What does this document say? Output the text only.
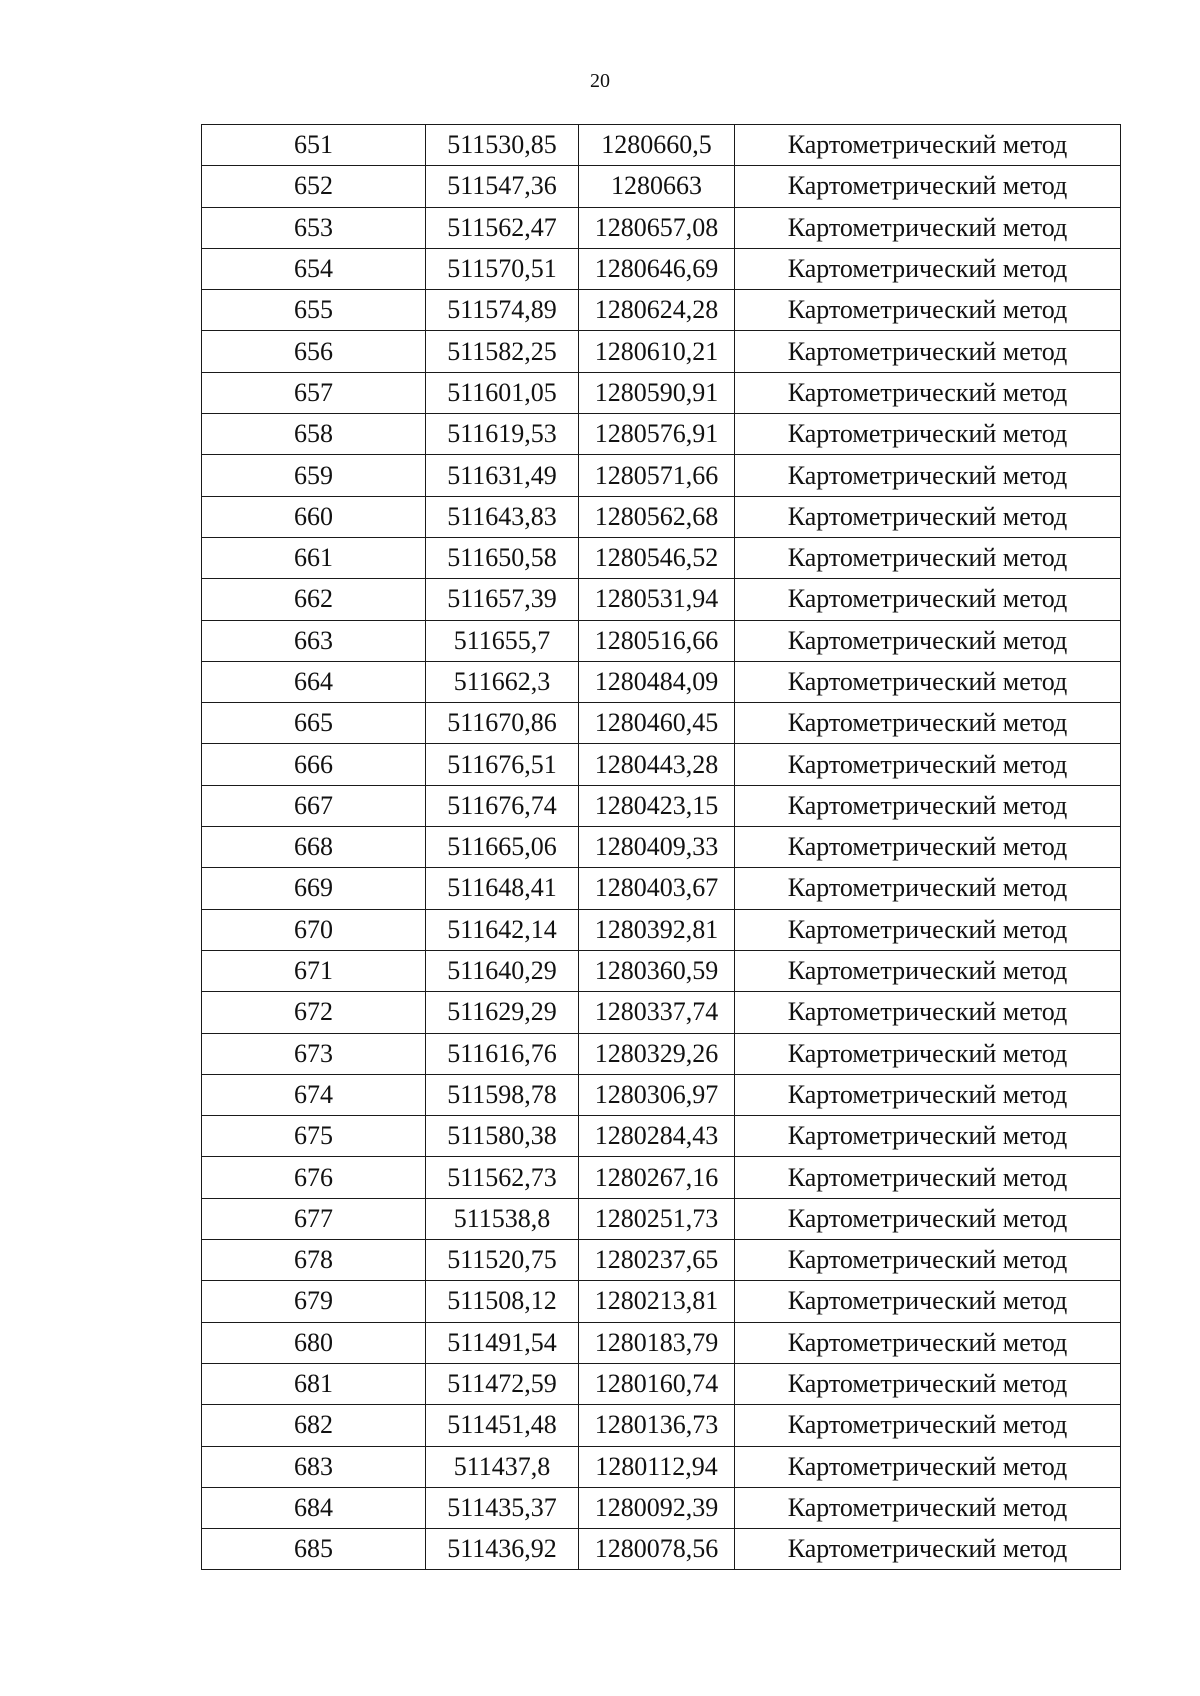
20
651	511530,85	1280660,5	Картометрический метод
652	511547,36	1280663	Картометрический метод
653	511562,47	1280657,08	Картометрический метод
654	511570,51	1280646,69	Картометрический метод
655	511574,89	1280624,28	Картометрический метод
656	511582,25	1280610,21	Картометрический метод
657	511601,05	1280590,91	Картометрический метод
658	511619,53	1280576,91	Картометрический метод
659	511631,49	1280571,66	Картометрический метод
660	511643,83	1280562,68	Картометрический метод
661	511650,58	1280546,52	Картометрический метод
662	511657,39	1280531,94	Картометрический метод
663	511655,7	1280516,66	Картометрический метод
664	511662,3	1280484,09	Картометрический метод
665	511670,86	1280460,45	Картометрический метод
666	511676,51	1280443,28	Картометрический метод
667	511676,74	1280423,15	Картометрический метод
668	511665,06	1280409,33	Картометрический метод
669	511648,41	1280403,67	Картометрический метод
670	511642,14	1280392,81	Картометрический метод
671	511640,29	1280360,59	Картометрический метод
672	511629,29	1280337,74	Картометрический метод
673	511616,76	1280329,26	Картометрический метод
674	511598,78	1280306,97	Картометрический метод
675	511580,38	1280284,43	Картометрический метод
676	511562,73	1280267,16	Картометрический метод
677	511538,8	1280251,73	Картометрический метод
678	511520,75	1280237,65	Картометрический метод
679	511508,12	1280213,81	Картометрический метод
680	511491,54	1280183,79	Картометрический метод
681	511472,59	1280160,74	Картометрический метод
682	511451,48	1280136,73	Картометрический метод
683	511437,8	1280112,94	Картометрический метод
684	511435,37	1280092,39	Картометрический метод
685	511436,92	1280078,56	Картометрический метод
